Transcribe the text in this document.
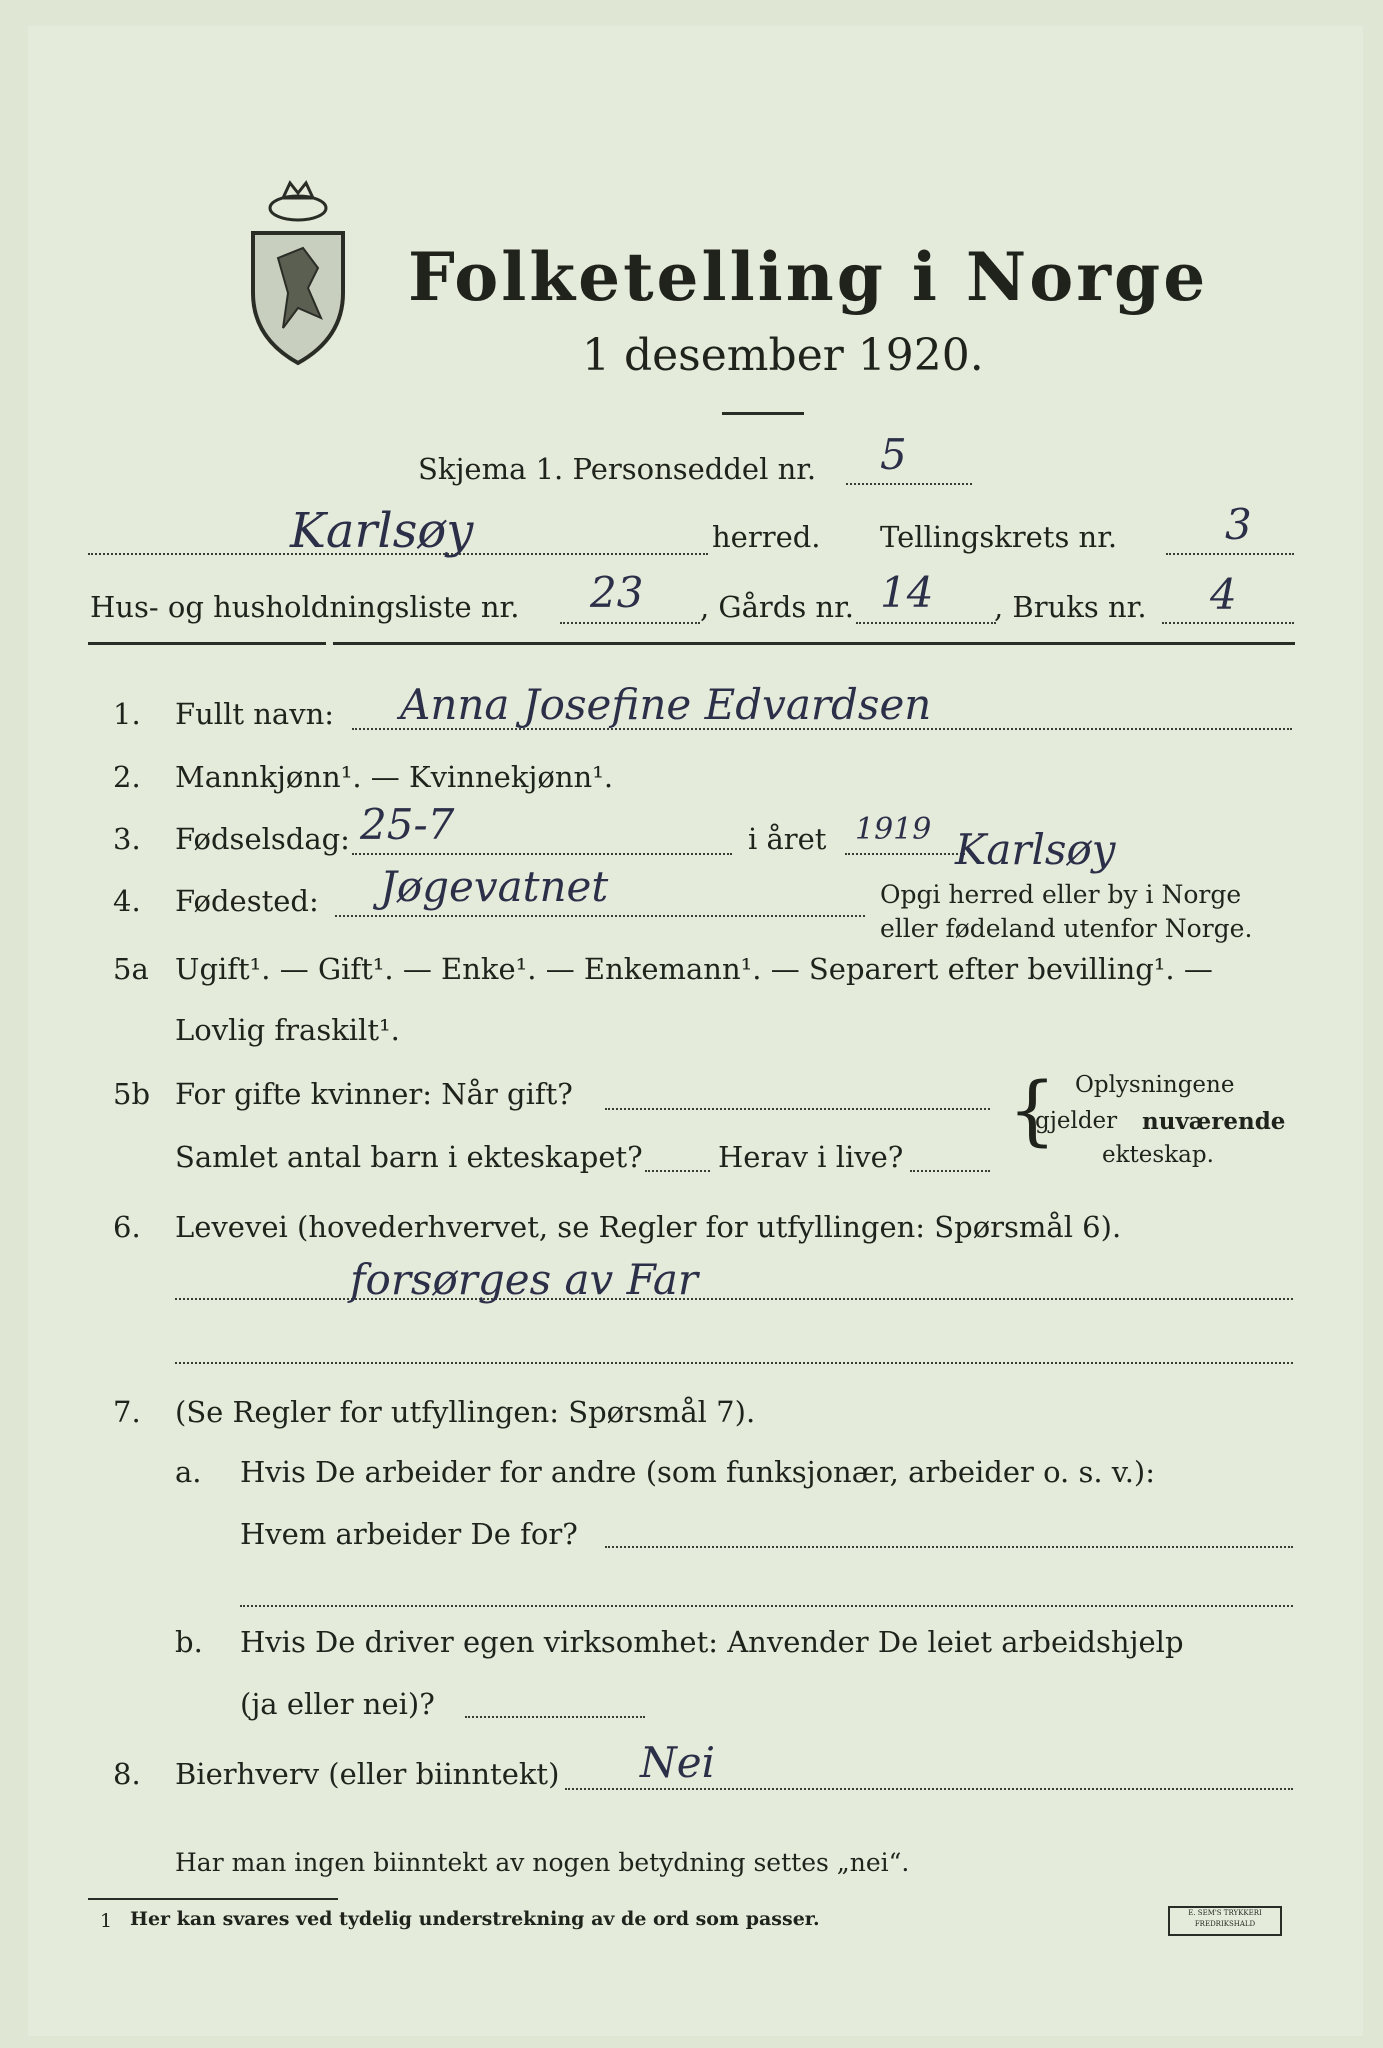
Folketelling i Norge
1 desember 1920.
Skjema 1. Personseddel nr. 5
Karlsøy	herred. Tellingskrets nr.	3
Hus- og husholdningsliste nr. 23 , Gårds nr. 14 , Bruks nr. 4
1. Fullt navn: Anna Josefine Edvardsen
2. Mannkjønn¹. — Kvinnekjønn¹.
3. Fødselsdag: 25-7	i året 1919 Karlsøy
4. Fødested: Jøgevatnet	Opgi herred eller by i Norge
eller fødeland utenfor Norge.
5a Ugift¹. — Gift¹. — Enke¹. — Enkemann¹. — Separert efter bevilling¹. —
Lovlig fraskilt¹.
5b For gifte kvinner: Når gift?
Samlet antal barn i ekteskapet?	Herav i live?
{ Oplysningene
gjelder nuværende
ekteskap.
6. Levevei (hovederhvervet, se Regler for utfyllingen: Spørsmål 6).
forsørges av Far
7. (Se Regler for utfyllingen: Spørsmål 7).
a. Hvis De arbeider for andre (som funksjonær, arbeider o. s. v.):
Hvem arbeider De for?
b. Hvis De driver egen virksomhet: Anvender De leiet arbeidshjelp
(ja eller nei)?
8. Bierhverv (eller biinntekt) Nei
Har man ingen biinntekt av nogen betydning settes „nei“.
1 Her kan svares ved tydelig understrekning av de ord som passer.	E. SEM'S TRYKKERI FREDRIKSHALD
